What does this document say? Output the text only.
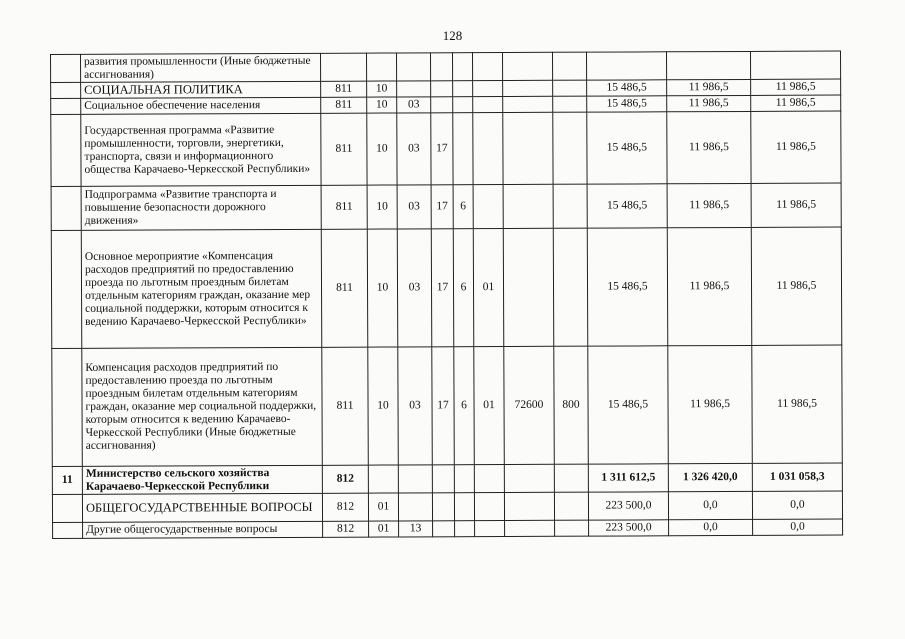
128
	развития промышленности (Иные бюджетные ассигнования)											
	СОЦИАЛЬНАЯ ПОЛИТИКА	811	10							15 486,5	11 986,5	11 986,5
	Социальное обеспечение населения	811	10	03						15 486,5	11 986,5	11 986,5
	Государственная программа «Развитие промышленности, торговли, энергетики, транспорта, связи и информационного общества Карачаево-Черкесской Республики»	811	10	03	17					15 486,5	11 986,5	11 986,5
	Подпрограмма «Развитие транспорта и повышение безопасности дорожного движения»	811	10	03	17	6				15 486,5	11 986,5	11 986,5
	Основное мероприятие «Компенсация расходов предприятий по предоставлению проезда по льготным проездным билетам отдельным категориям граждан, оказание мер социальной поддержки, которым относится к ведению Карачаево-Черкесской Республики»	811	10	03	17	6	01			15 486,5	11 986,5	11 986,5
	Компенсация расходов предприятий по предоставлению проезда по льготным проездным билетам отдельным категориям граждан, оказание мер социальной поддержки, которым относится к ведению Карачаево-Черкесской Республики (Иные бюджетные ассигнования)	811	10	03	17	6	01	72600	800	15 486,5	11 986,5	11 986,5
11	Министерство сельского хозяйства Карачаево-Черкесской Республики	812								1 311 612,5	1 326 420,0	1 031 058,3
	ОБЩЕГОСУДАРСТВЕННЫЕ ВОПРОСЫ	812	01							223 500,0	0,0	0,0
	Другие общегосударственные вопросы	812	01	13						223 500,0	0,0	0,0
